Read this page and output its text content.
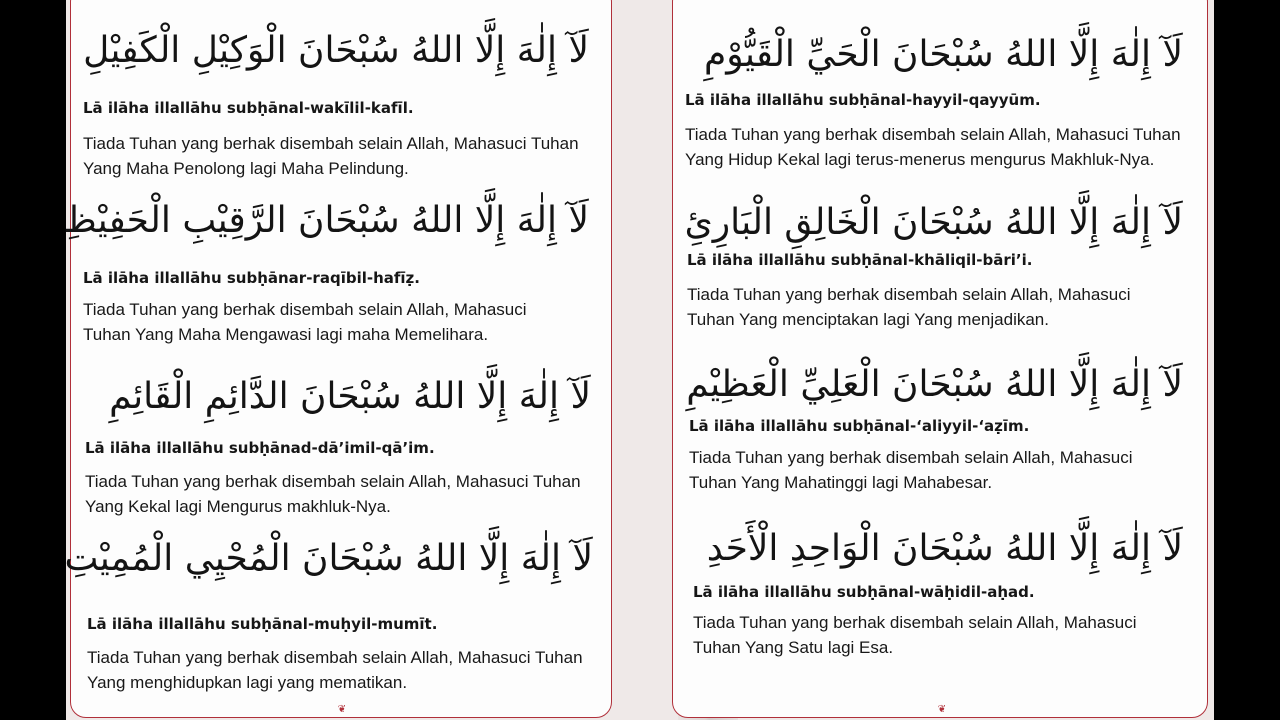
لَآ إِلٰهَ إِلَّا اللهُ سُبْحَانَ الْوَكِيْلِ الْكَفِيْلِ
Lā ilāha illallāhu subḥānal-wakīlil-kafīl.
Tiada Tuhan yang berhak disembah selain Allah, Mahasuci Tuhan
Yang Maha Penolong lagi Maha Pelindung.
لَآ إِلٰهَ إِلَّا اللهُ سُبْحَانَ الرَّقِيْبِ الْحَفِيْظِ
Lā ilāha illallāhu subḥānar-raqībil-hafīẓ.
Tiada Tuhan yang berhak disembah selain Allah, Mahasuci
Tuhan Yang Maha Mengawasi lagi maha Memelihara.
لَآ إِلٰهَ إِلَّا اللهُ سُبْحَانَ الدَّائِمِ الْقَائِمِ
Lā ilāha illallāhu subḥānad-dā’imil-qā’im.
Tiada Tuhan yang berhak disembah selain Allah, Mahasuci Tuhan
Yang Kekal lagi Mengurus makhluk-Nya.
لَآ إِلٰهَ إِلَّا اللهُ سُبْحَانَ الْمُحْيِي الْمُمِيْتِ
Lā ilāha illallāhu subḥānal-muḥyil-mumīt.
Tiada Tuhan yang berhak disembah selain Allah, Mahasuci Tuhan
Yang menghidupkan lagi yang mematikan.
❦
لَآ إِلٰهَ إِلَّا اللهُ سُبْحَانَ الْحَيِّ الْقَيُّوْمِ
Lā ilāha illallāhu subḥānal-hayyil-qayyūm.
Tiada Tuhan yang berhak disembah selain Allah, Mahasuci Tuhan
Yang Hidup Kekal lagi terus-menerus mengurus Makhluk-Nya.
لَآ إِلٰهَ إِلَّا اللهُ سُبْحَانَ الْخَالِقِ الْبَارِئِ
Lā ilāha illallāhu subḥānal-khāliqil-bāri’i.
Tiada Tuhan yang berhak disembah selain Allah, Mahasuci
Tuhan Yang menciptakan lagi Yang menjadikan.
لَآ إِلٰهَ إِلَّا اللهُ سُبْحَانَ الْعَلِيِّ الْعَظِيْمِ
Lā ilāha illallāhu subḥānal-‘aliyyil-‘aẓīm.
Tiada Tuhan yang berhak disembah selain Allah, Mahasuci
Tuhan Yang Mahatinggi lagi Mahabesar.
لَآ إِلٰهَ إِلَّا اللهُ سُبْحَانَ الْوَاحِدِ الْأَحَدِ
Lā ilāha illallāhu subḥānal-wāḥidil-aḥad.
Tiada Tuhan yang berhak disembah selain Allah, Mahasuci
Tuhan Yang Satu lagi Esa.
❦
